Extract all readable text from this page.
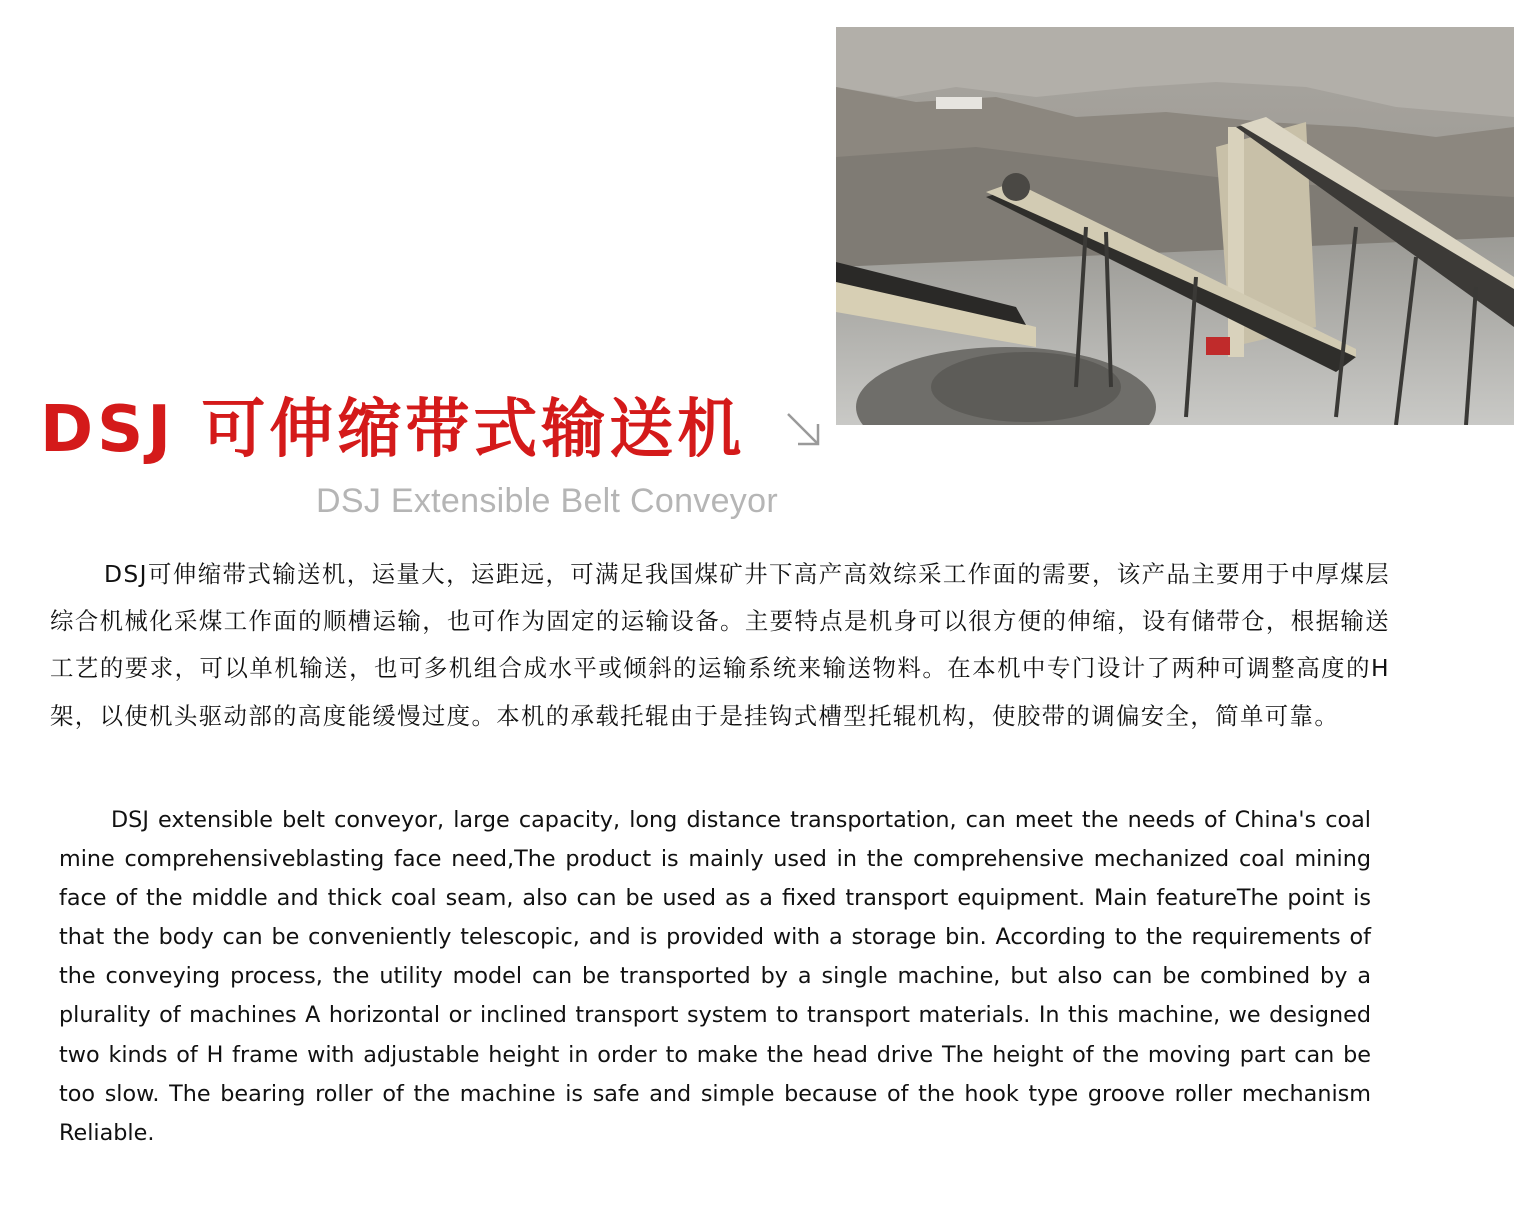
DSJ 可伸缩带式输送机
DSJ Extensible Belt Conveyor

DSJ可伸缩带式输送机，运量大，运距远，可满足我国煤矿井下高产高效综采工作面的需要，该产品主要用于中厚煤层综合机械化采煤工作面的顺槽运输，也可作为固定的运输设备。主要特点是机身可以很方便的伸缩，设有储带仓，根据输送工艺的要求，可以单机输送，也可多机组合成水平或倾斜的运输系统来输送物料。在本机中专门设计了两种可调整高度的H架，以使机头驱动部的高度能缓慢过度。本机的承载托辊由于是挂钩式槽型托辊机构，使胶带的调偏安全，简单可靠。

DSJ extensible belt conveyor, large capacity, long distance transportation, can meet the needs of China's coal mine comprehensiveblasting face need,The product is mainly used in the comprehensive mechanized coal mining face of the middle and thick coal seam, also can be used as a fixed transport equipment. Main featureThe point is that the body can be conveniently telescopic, and is provided with a storage bin. According to the requirements of the conveying process, the utility model can be transported by a single machine, but also can be combined by a plurality of machines A horizontal or inclined transport system to transport materials. In this machine, we designed two kinds of H frame with adjustable height in order to make the head drive The height of the moving part can be too slow. The bearing roller of the machine is safe and simple because of the hook type groove roller mechanism Reliable.
